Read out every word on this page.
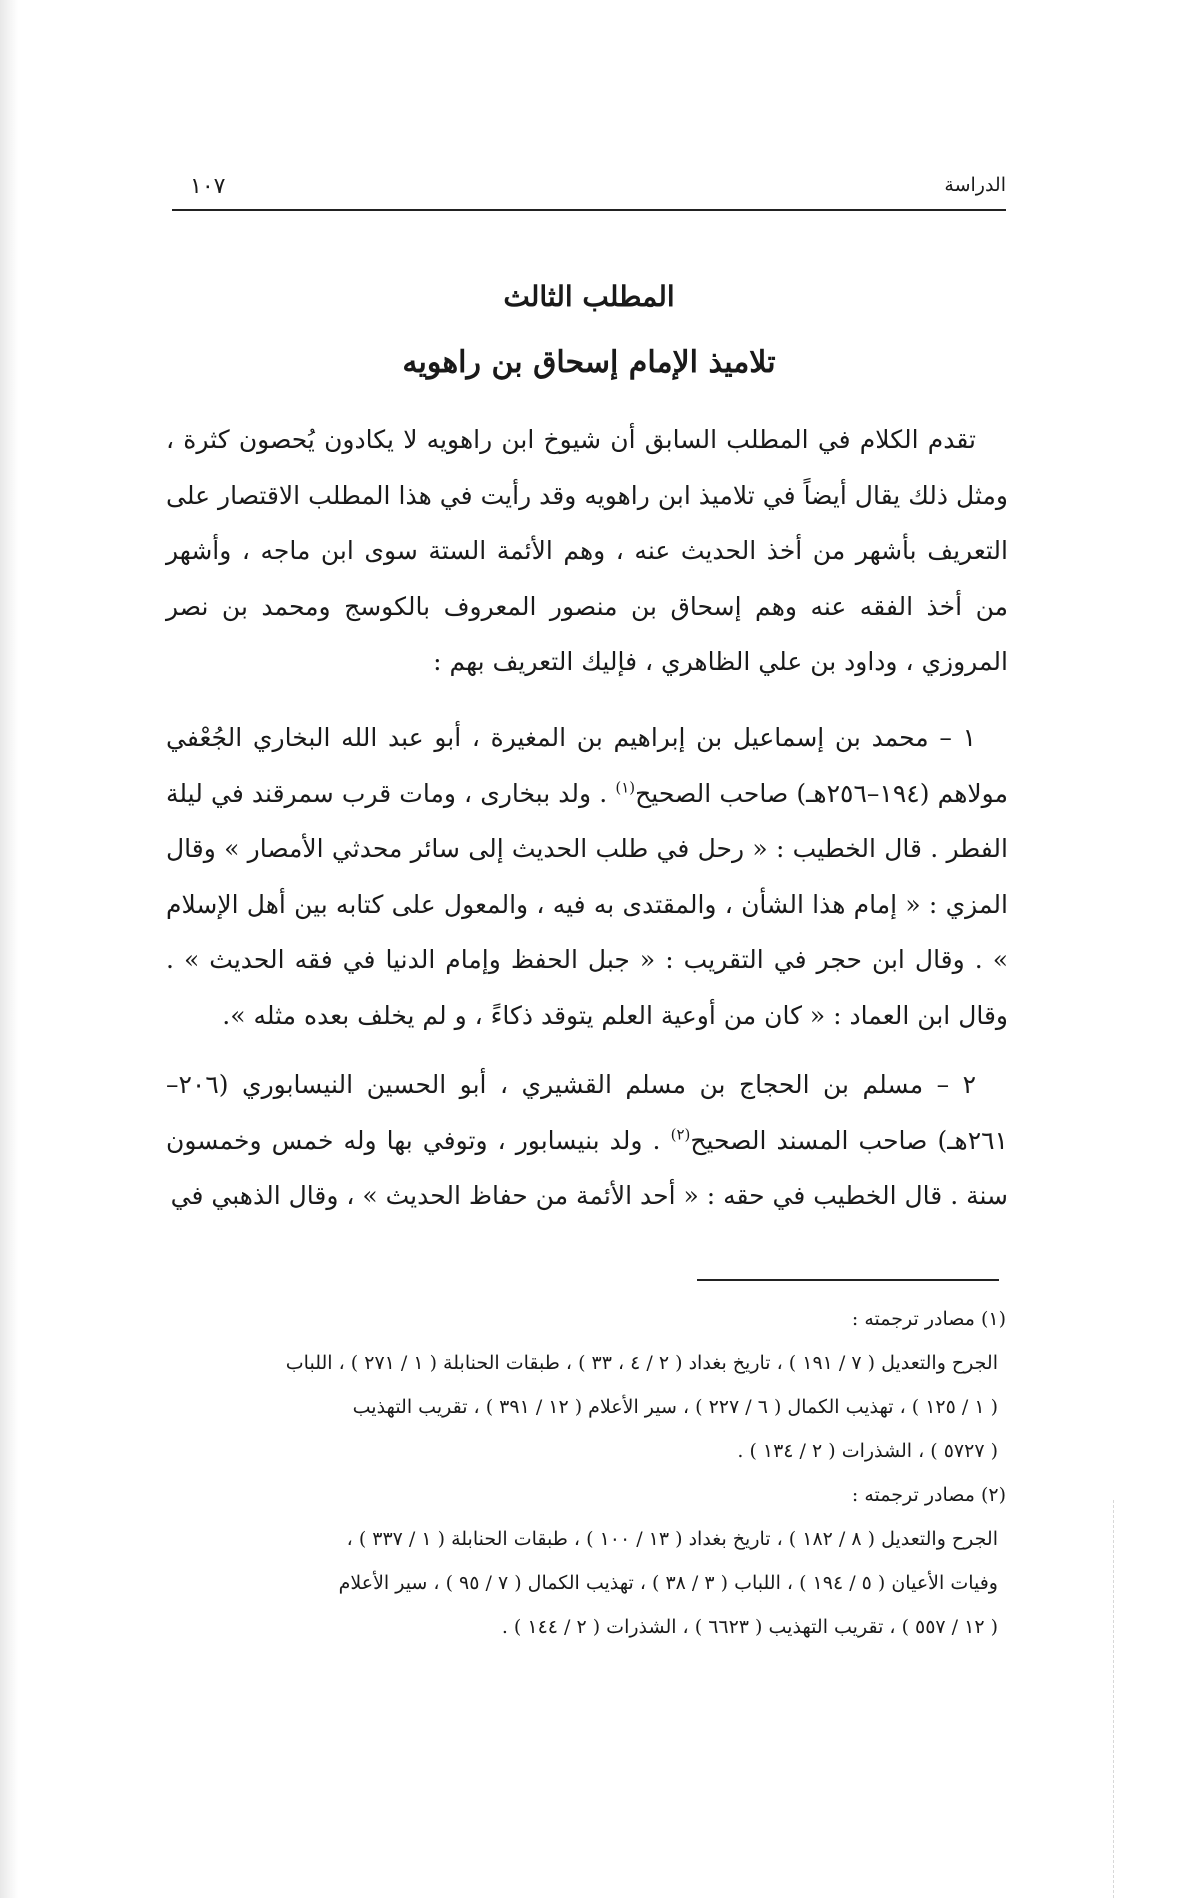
الدراسة
١٠٧
المطلب الثالث
تلاميذ الإمام إسحاق بن راهويه

تقدم الكلام في المطلب السابق أن شيوخ ابن راهويه لا يكادون يُحصون كثرة ، ومثل ذلك يقال أيضاً في تلاميذ ابن راهويه وقد رأيت في هذا المطلب الاقتصار على التعريف بأشهر من أخذ الحديث عنه ، وهم الأئمة الستة سوى ابن ماجه ، وأشهر من أخذ الفقه عنه وهم إسحاق بن منصور المعروف بالكوسج ومحمد بن نصر المروزي ، وداود بن علي الظاهري ، فإليك التعريف بهم :

١ – محمد بن إسماعيل بن إبراهيم بن المغيرة ، أبو عبد الله البخاري الجُعْفي مولاهم (١٩٤–٢٥٦هـ) صاحب الصحيح$^{(١)}$ . ولد ببخارى ، ومات قرب سمرقند في ليلة الفطر . قال الخطيب : « رحل في طلب الحديث إلى سائر محدثي الأمصار » وقال المزي : « إمام هذا الشأن ، والمقتدى به فيه ، والمعول على كتابه بين أهل الإسلام » . وقال ابن حجر في التقريب : « جبل الحفظ وإمام الدنيا في فقه الحديث » . وقال ابن العماد : « كان من أوعية العلم يتوقد ذكاءً ، و لم يخلف بعده مثله ».

٢ – مسلم بن الحجاج بن مسلم القشيري ، أبو الحسين النيسابوري (٢٠٦–٢٦١هـ) صاحب المسند الصحيح$^{(٢)}$ . ولد بنيسابور ، وتوفي بها وله خمس وخمسون سنة . قال الخطيب في حقه : « أحد الأئمة من حفاظ الحديث » ، وقال الذهبي في

(١) مصادر ترجمته :

الجرح والتعديل ( ٧ / ١٩١ ) ، تاريخ بغداد ( ٢ / ٤ ، ٣٣ ) ، طبقات الحنابلة ( ١ / ٢٧١ ) ، اللباب

( ١ / ١٢٥ ) ، تهذيب الكمال ( ٦ / ٢٢٧ ) ، سير الأعلام ( ١٢ / ٣٩١ ) ، تقريب التهذيب

( ٥٧٢٧ ) ، الشذرات ( ٢ / ١٣٤ ) .

(٢) مصادر ترجمته :

الجرح والتعديل ( ٨ / ١٨٢ ) ، تاريخ بغداد ( ١٣ / ١٠٠ ) ، طبقات الحنابلة ( ١ / ٣٣٧ ) ،

وفيات الأعيان ( ٥ / ١٩٤ ) ، اللباب ( ٣ / ٣٨ ) ، تهذيب الكمال ( ٧ / ٩٥ ) ، سير الأعلام

( ١٢ / ٥٥٧ ) ، تقريب التهذيب ( ٦٦٢٣ ) ، الشذرات ( ٢ / ١٤٤ ) .
